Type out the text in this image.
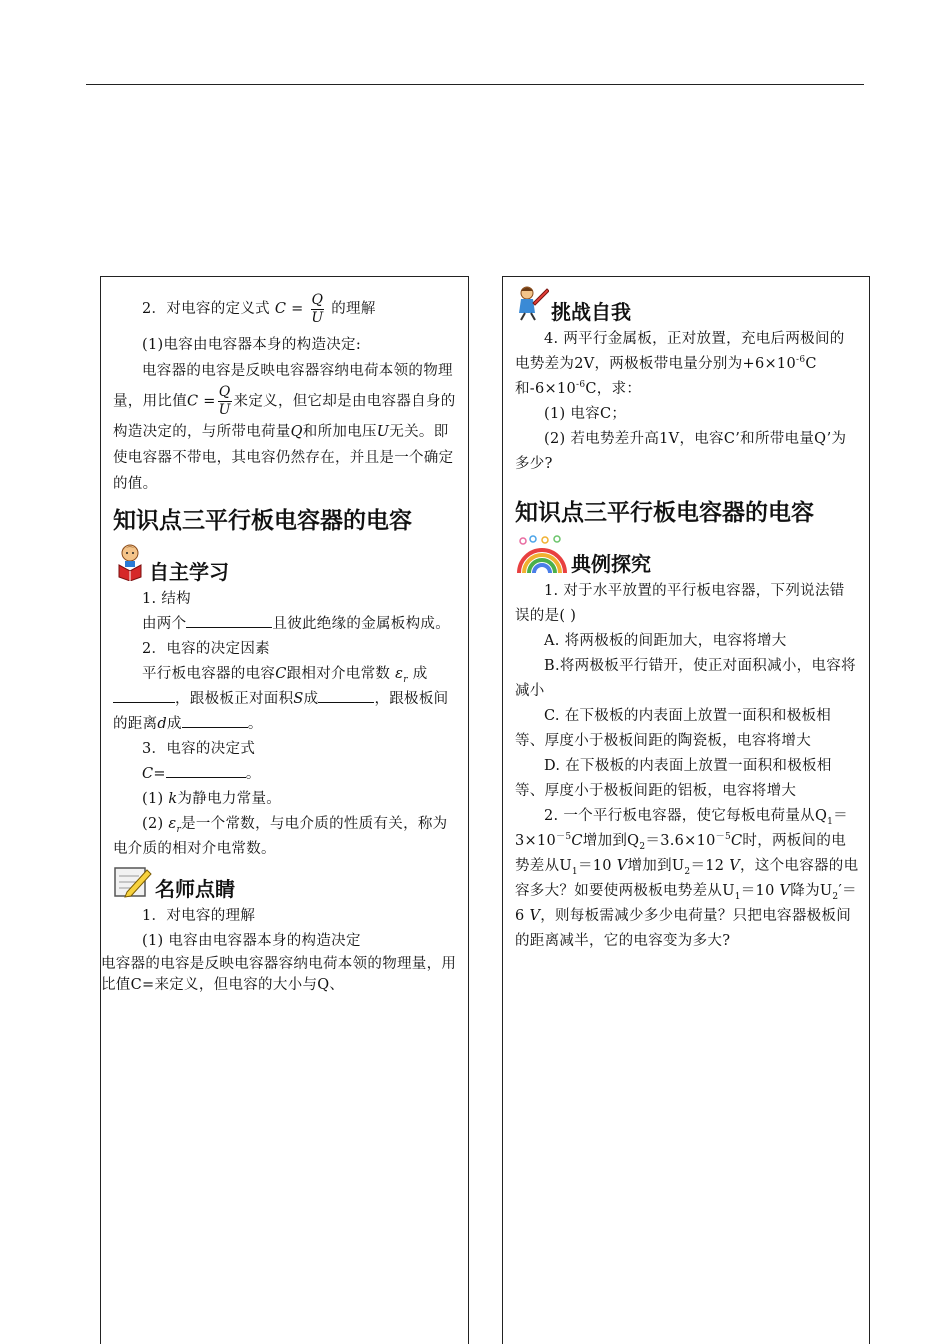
2．对电容的定义式 $C = \frac{Q}{U}$ 的理解

(1)电容由电容器本身的构造决定:

电容器的电容是反映电容器容纳电荷本领的物理量，用比值$C = \frac{Q}{U}$ 来定义，但它却是由电容器自身的构造决定的，与所带电荷量Q和所加电压U无关。即使电容器不带电，其电容仍然存在，并且是一个确定的值。

知识点三平行板电容器的电容
自主学习

1. 结构

由两个	且彼此绝缘的金属板构成。

2．电容的决定因素

平行板电容器的电容C跟相对介电常数 $\varepsilon_r$ 成，跟极板正对面积S成	，跟极板间的距离d成	。

3．电容的决定式

C=	。

(1) k为静电力常量。

(2) $\varepsilon_r$是一个常数，与电介质的性质有关，称为电介质的相对介电常数。

名师点睛

1．对电容的理解

(1) 电容由电容器本身的构造决定

电容器的电容是反映电容器容纳电荷本领的物理量，用比值C=来定义，但电容的大小与Q、

挑战自我

4. 两平行金属板，正对放置，充电后两极间的电势差为2V，两极板带电量分别为$+6\times 10^{-6}C$和$-6\times 10^{-6}C$，求：

(1) 电容C；

(2) 若电势差升高1V，电容C’和所带电量Q’为多少?

知识点三平行板电容器的电容
典例探究

1. 对于水平放置的平行板电容器，下列说法错误的是( )

A. 将两极板的间距加大，电容将增大

B.将两极板平行错开，使正对面积减小，电容将减小

C. 在下极板的内表面上放置一面积和极板相等、厚度小于极板间距的陶瓷板，电容将增大

D. 在下极板的内表面上放置一面积和极板相等、厚度小于极板间距的铝板，电容将增大

2. 一个平行板电容器，使它每板电荷量从$Q_1=3\times 10^{-5}C$增加到$Q_2=3.6\times 10^{-5}C$时，两板间的电势差从$U_1=10$ V增加到$U_2=12$ V，这个电容器的电容多大？如要使两极板电势差从$U_1=10$ V降为$U_2'=6$ V，则每板需减少多少电荷量？只把电容器极板间的距离减半，它的电容变为多大?
